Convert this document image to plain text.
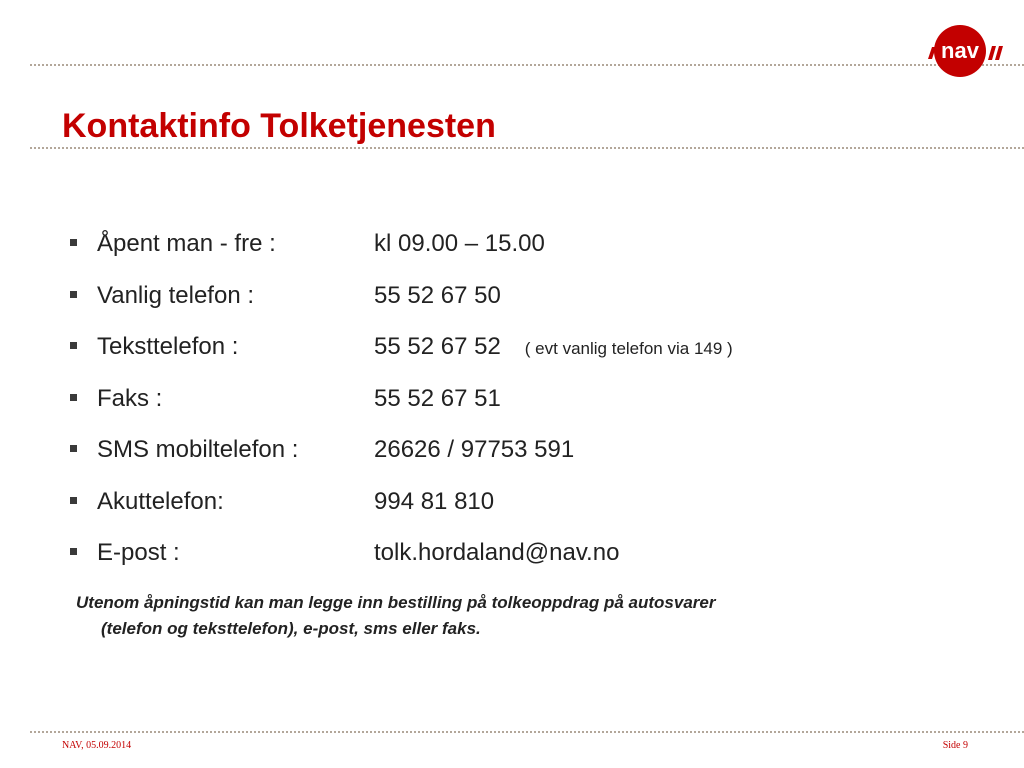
nav
Kontaktinfo Tolketjenesten
Åpent man - fre :	kl 09.00 – 15.00
Vanlig telefon :	55 52 67 50
Teksttelefon :	55 52 67 52 ( evt vanlig telefon via 149 )
Faks :	55 52 67 51
SMS mobiltelefon :	26626 / 97753 591
Akuttelefon:	994 81 810
E-post :	tolk.hordaland@nav.no

Utenom åpningstid kan man legge inn bestilling på tolkeoppdrag på autosvarer
(telefon og teksttelefon), e-post, sms eller faks.

NAV, 05.09.2014	Side 9
